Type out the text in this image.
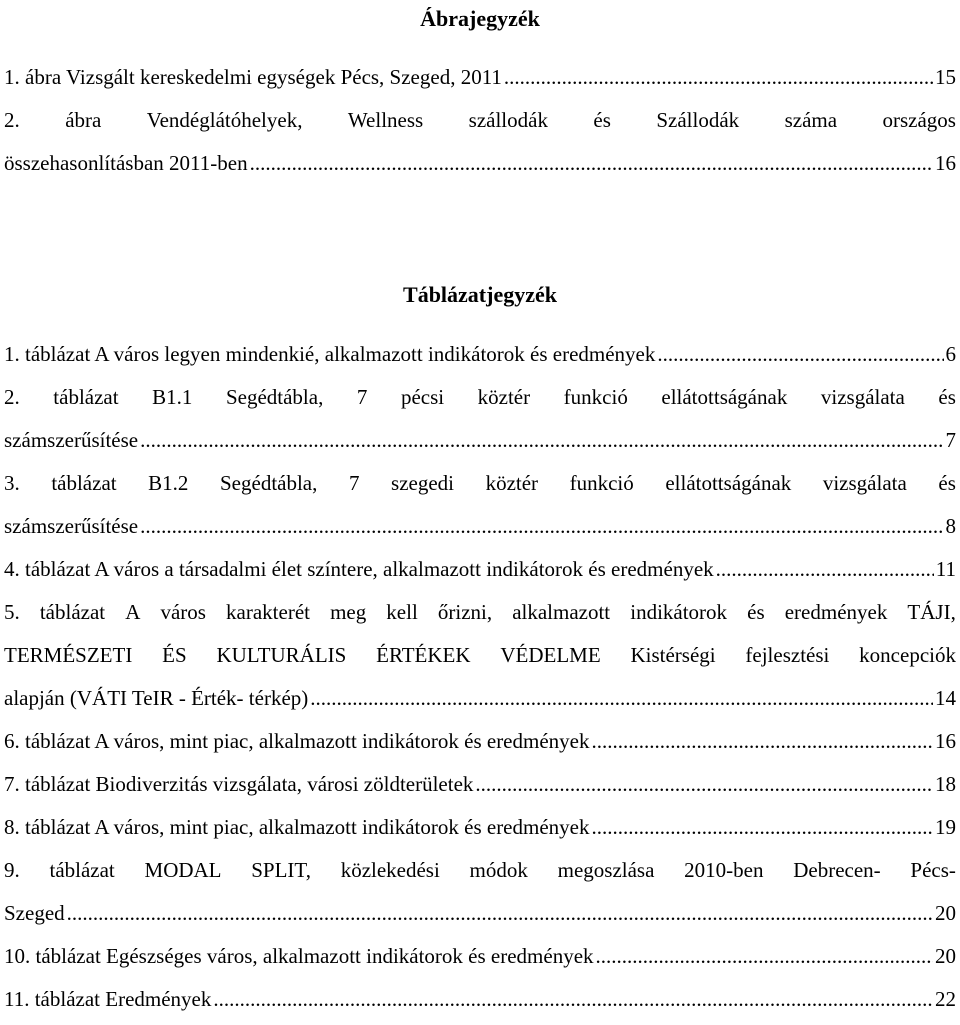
Ábrajegyzék
1. ábra Vizsgált kereskedelmi egységek Pécs, Szeged, 2011 .....	15
2. ábra Vendéglátóhelyek, Wellness szállodák és Szállodák száma országos
összehasonlításban 2011-ben .....	16
Táblázatjegyzék
1. táblázat A város legyen mindenkié, alkalmazott indikátorok és eredmények .....	6
2. táblázat B1.1 Segédtábla, 7 pécsi köztér funkció ellátottságának vizsgálata és
számszerűsítése .....	7
3. táblázat B1.2 Segédtábla, 7 szegedi köztér funkció ellátottságának vizsgálata és
számszerűsítése .....	8
4. táblázat A város a társadalmi élet színtere, alkalmazott indikátorok és eredmények .....	11
5. táblázat A város karakterét meg kell őrizni, alkalmazott indikátorok és eredmények TÁJI,
TERMÉSZETI ÉS KULTURÁLIS ÉRTÉKEK VÉDELME Kistérségi fejlesztési koncepciók
alapján (VÁTI TeIR - Érték- térkép) .....	14
6. táblázat A város, mint piac, alkalmazott indikátorok és eredmények .....	16
7. táblázat Biodiverzitás vizsgálata, városi zöldterületek .....	18
8. táblázat A város, mint piac, alkalmazott indikátorok és eredmények .....	19
9. táblázat MODAL SPLIT, közlekedési módok megoszlása 2010-ben Debrecen- Pécs-
Szeged .....	20
10. táblázat Egészséges város, alkalmazott indikátorok és eredmények .....	20
11. táblázat Eredmények .....	22
